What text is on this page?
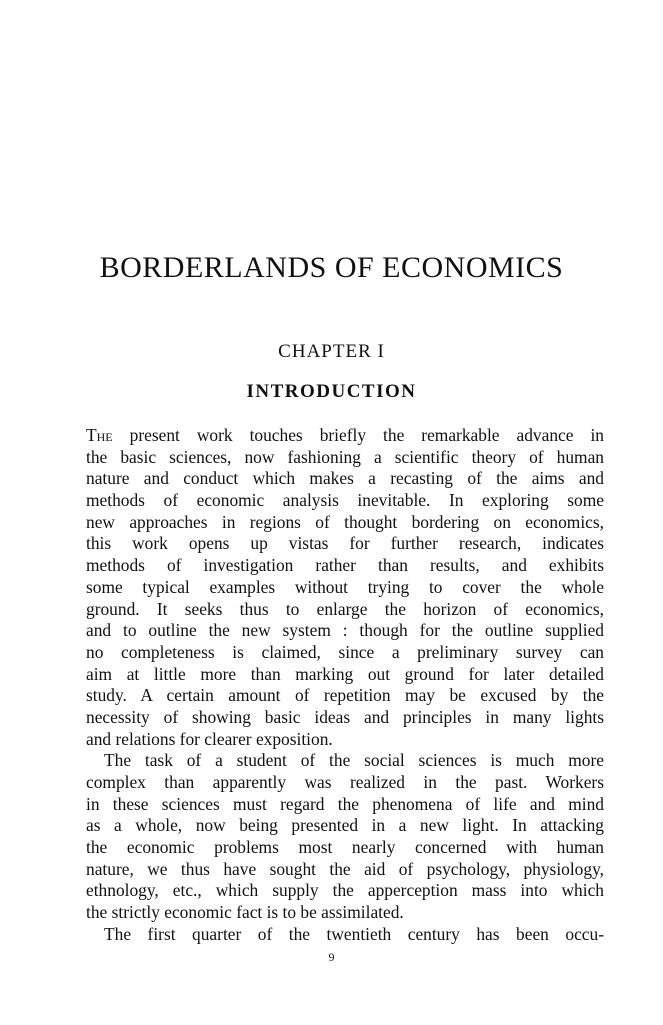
BORDERLANDS OF ECONOMICS
CHAPTER I
INTRODUCTION

The present work touches briefly the remarkable advance in
the basic sciences, now fashioning a scientific theory of human
nature and conduct which makes a recasting of the aims and
methods of economic analysis inevitable. In exploring some
new approaches in regions of thought bordering on economics,
this work opens up vistas for further research, indicates
methods of investigation rather than results, and exhibits
some typical examples without trying to cover the whole
ground. It seeks thus to enlarge the horizon of economics,
and to outline the new system : though for the outline supplied
no completeness is claimed, since a preliminary survey can
aim at little more than marking out ground for later detailed
study. A certain amount of repetition may be excused by the
necessity of showing basic ideas and principles in many lights
and relations for clearer exposition.

The task of a student of the social sciences is much more
complex than apparently was realized in the past. Workers
in these sciences must regard the phenomena of life and mind
as a whole, now being presented in a new light. In attacking
the economic problems most nearly concerned with human
nature, we thus have sought the aid of psychology, physiology,
ethnology, etc., which supply the apperception mass into which
the strictly economic fact is to be assimilated.

The first quarter of the twentieth century has been occu-

9
